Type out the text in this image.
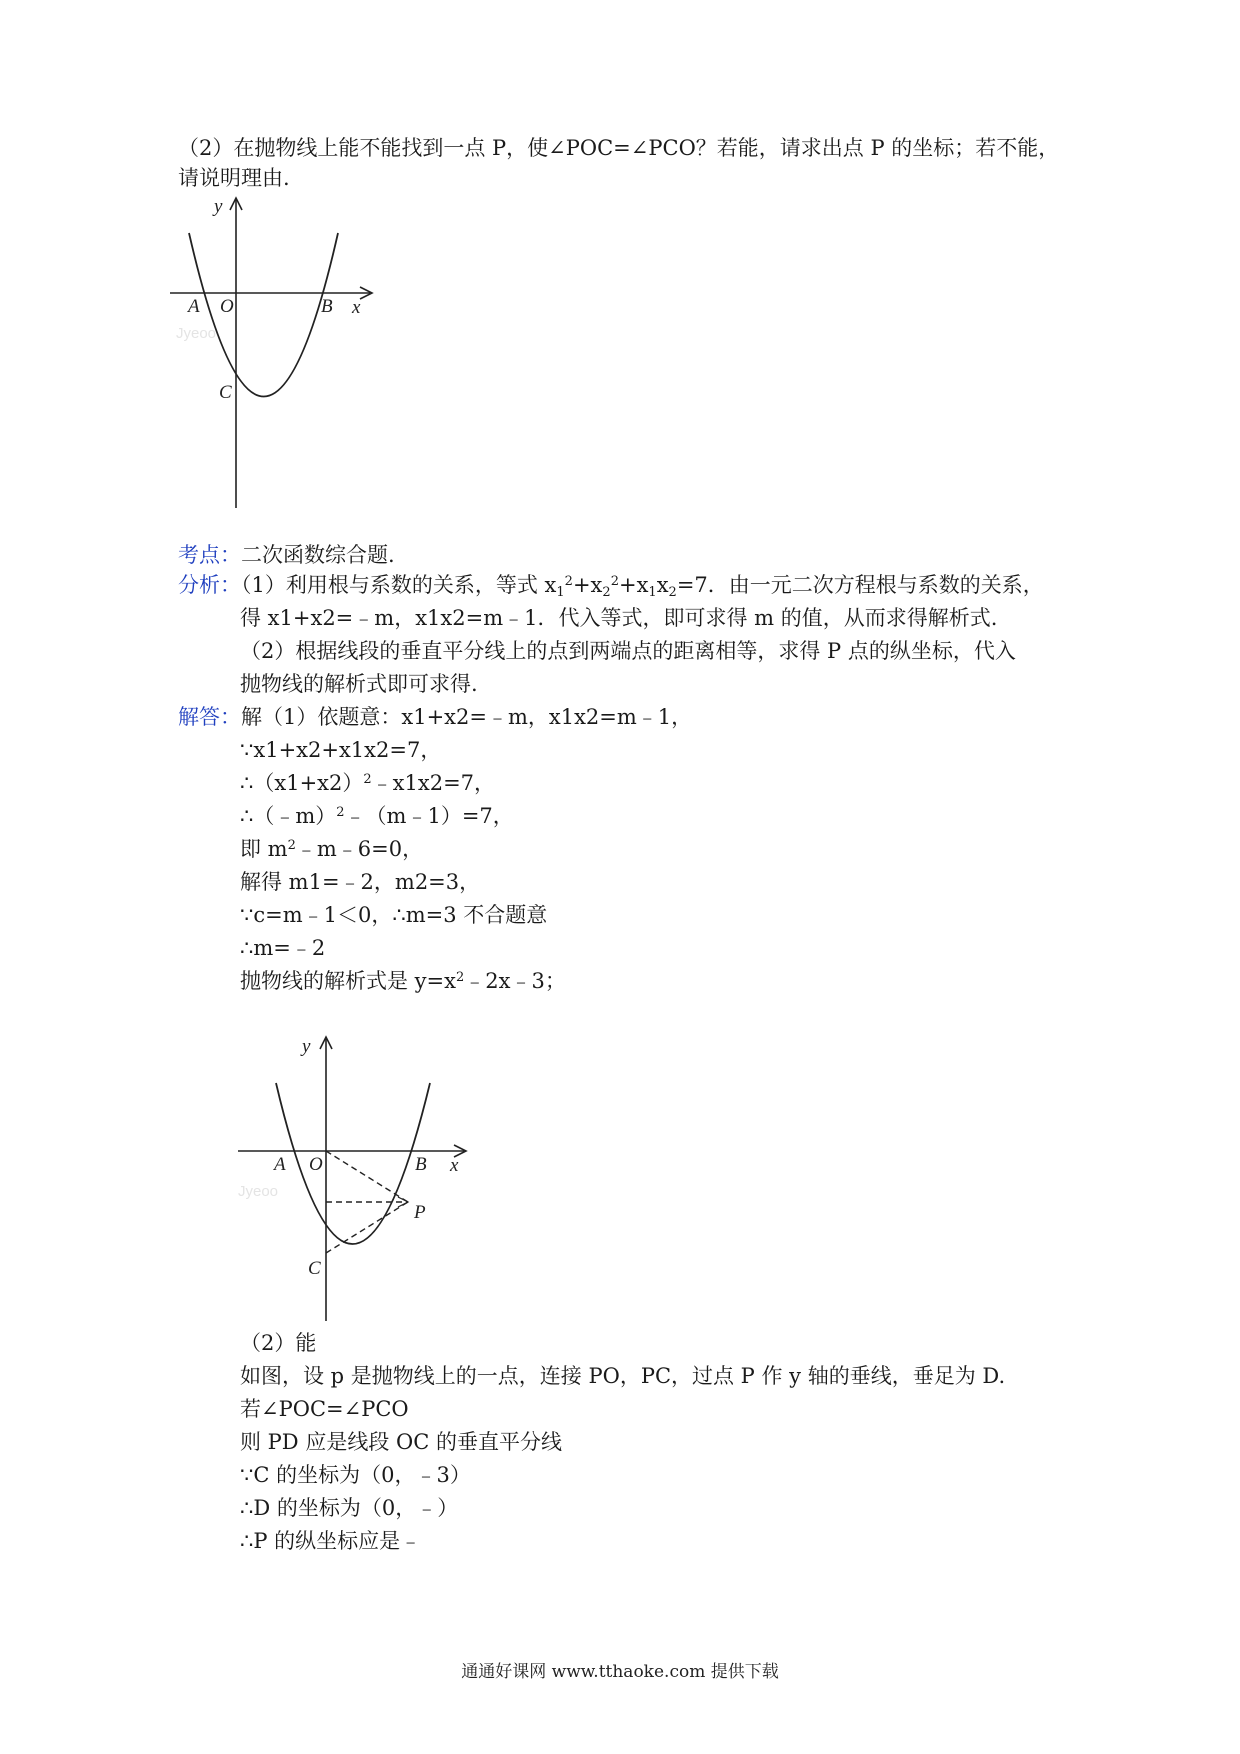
（2）在抛物线上能不能找到一点 P，使∠POC=∠PCO？若能，请求出点 P 的坐标；若不能，
请说明理由.
Jyeoo
y
x
A O	B
C
考点：二次函数综合题.
分析：（1）利用根与系数的关系，等式 $x_1^2+x_2^2+x_1x_2=7$．由一元二次方程根与系数的关系，
得 x1+x2=﹣m，x1x2=m﹣1．代入等式，即可求得 m 的值，从而求得解析式.
（2）根据线段的垂直平分线上的点到两端点的距离相等，求得 P 点的纵坐标，代入
抛物线的解析式即可求得.
解答：解（1）依题意：x1+x2=﹣m，x1x2=m﹣1，
∵x1+x2+x1x2=7，
$\therefore(x1+x2)^2﹣x1x2=7$，
∴（﹣m）$^2$﹣（m﹣1）=7，
即 $m^2﹣m﹣6=0$，
解得 m1=﹣2，m2=3，
∵c=m﹣1＜0，∴m=3 不合题意
∴m=﹣2
抛物线的解析式是 $y=x^2﹣2x﹣3$；
Jyeoo
y
x
A O	B
C
P
（2）能
如图，设 p 是抛物线上的一点，连接 PO，PC，过点 P 作 y 轴的垂线，垂足为 D.
若∠POC=∠PCO
则 PD 应是线段 OC 的垂直平分线
∵C 的坐标为（0，﹣3）
∴D 的坐标为（0，﹣）
∴P 的纵坐标应是﹣
通通好课网 www.tthaoke.com 提供下载
